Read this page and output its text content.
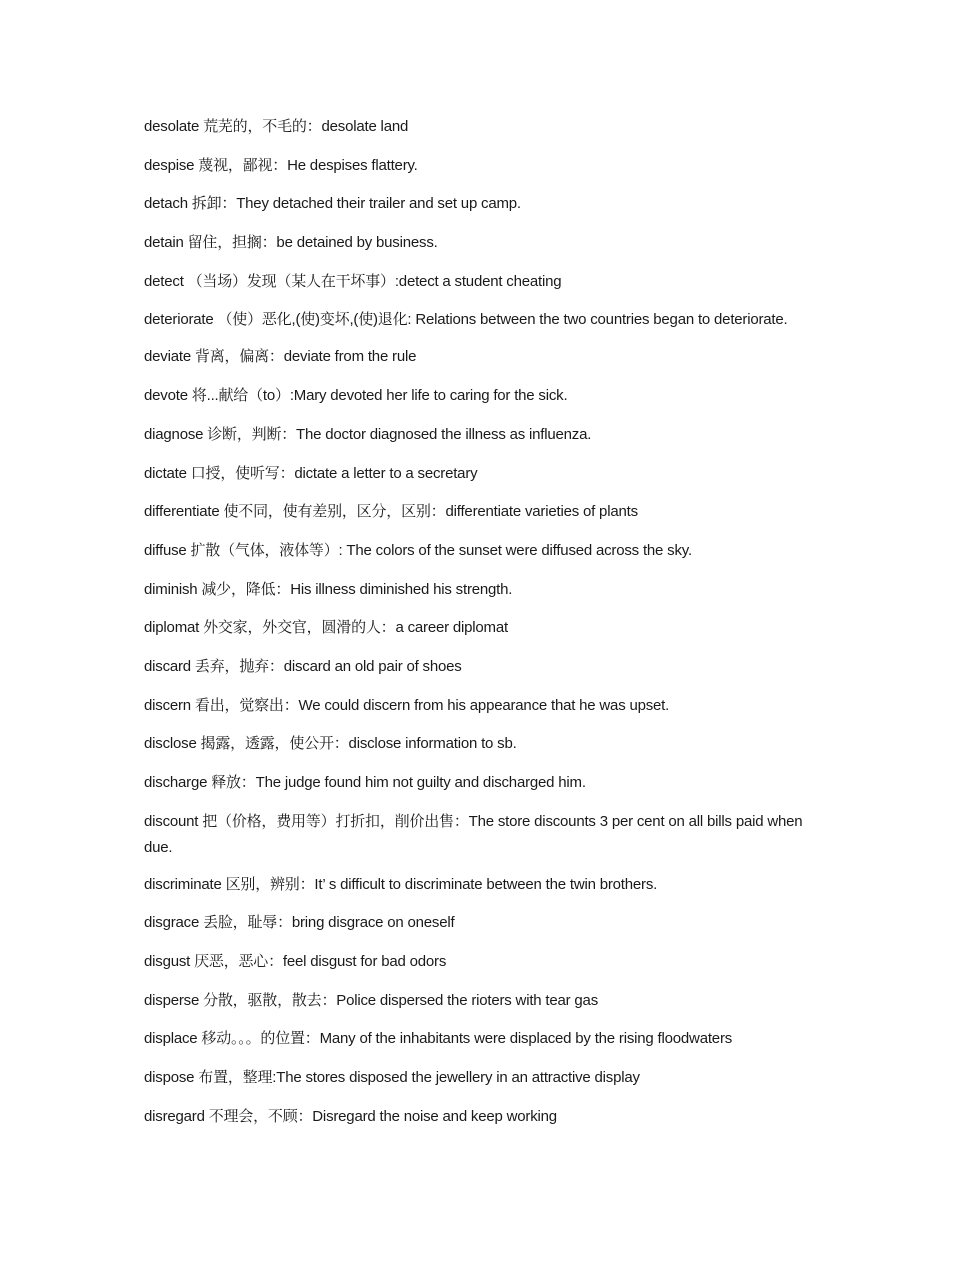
desolate 荒芜的，不毛的：desolate land
despise 蔑视，鄙视：He despises flattery.
detach 拆卸：They detached their trailer and set up camp.
detain 留住，担搁：be detained by business.
detect （当场）发现（某人在干坏事）:detect a student cheating
deteriorate （使）恶化,(使)变坏,(使)退化: Relations between the two countries began to deteriorate.
deviate 背离，偏离：deviate from the rule
devote 将...献给（to）:Mary devoted her life to caring for the sick.
diagnose 诊断，判断：The doctor diagnosed the illness as influenza.
dictate 口授，使听写：dictate a letter to a secretary
differentiate 使不同，使有差别，区分，区别：differentiate varieties of plants
diffuse 扩散（气体，液体等）: The colors of the sunset were diffused across the sky.
diminish 减少，降低：His illness diminished his strength.
diplomat 外交家，外交官，圆滑的人：a career diplomat
discard 丢弃，抛弃：discard an old pair of shoes
discern 看出，觉察出：We could discern from his appearance that he was upset.
disclose 揭露，透露，使公开：disclose information to sb.
discharge 释放：The judge found him not guilty and discharged him.
discount 把（价格，费用等）打折扣，削价出售：The store discounts 3 per cent on all bills paid when due.
discriminate 区别，辨别：It’ s difficult to discriminate between the twin brothers.
disgrace 丢脸，耻辱：bring disgrace on oneself
disgust 厌恶，恶心：feel disgust for bad odors
disperse 分散，驱散，散去：Police dispersed the rioters with tear gas
displace 移动。。。的位置：Many of the inhabitants were displaced by the rising floodwaters
dispose 布置，整理:The stores disposed the jewellery in an attractive display
disregard 不理会，不顾：Disregard the noise and keep working
